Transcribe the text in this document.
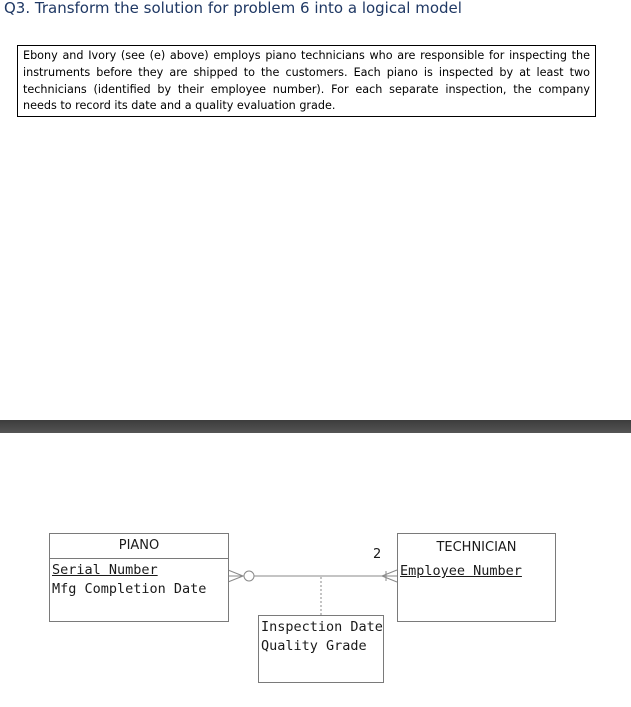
Q3. Transform the solution for problem 6 into a logical model
Ebony and Ivory (see (e) above) employs piano technicians who are responsible for inspecting the instruments before they are shipped to the customers. Each piano is inspected by at least two technicians (identified by their employee number). For each separate inspection, the company needs to record its date and a quality evaluation grade.
2
PIANO
Serial Number
Mfg Completion Date
TECHNICIAN
Employee Number
Inspection Date
Quality Grade
